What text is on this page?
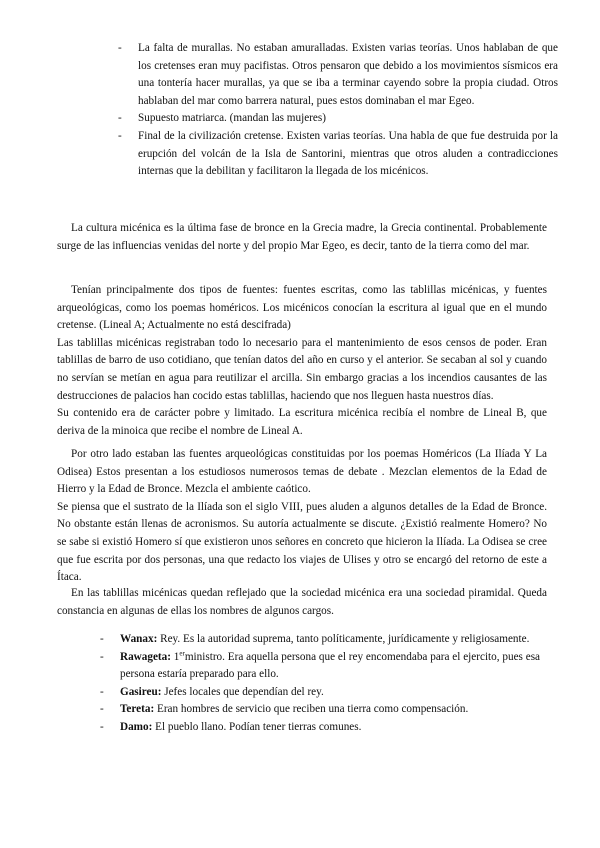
- La falta de murallas. No estaban amuralladas. Existen varias teorías. Unos hablaban de que los cretenses eran muy pacifistas. Otros pensaron que debido a los movimientos sísmicos era una tontería hacer murallas, ya que se iba a terminar cayendo sobre la propia ciudad. Otros hablaban del mar como barrera natural, pues estos dominaban el mar Egeo.
- Supuesto matriarca. (mandan las mujeres)
- Final de la civilización cretense. Existen varias teorías. Una habla de que fue destruida por la erupción del volcán de la Isla de Santorini, mientras que otros aluden a contradicciones internas que la debilitan y facilitaron la llegada de los micénicos.

La cultura micénica es la última fase de bronce en la Grecia madre, la Grecia continental. Probablemente surge de las influencias venidas del norte y del propio Mar Egeo, es decir, tanto de la tierra como del mar.

Tenían principalmente dos tipos de fuentes: fuentes escritas, como las tablillas micénicas, y fuentes arqueológicas, como los poemas homéricos. Los micénicos conocían la escritura al igual que en el mundo cretense. (Lineal A; Actualmente no está descifrada)
Las tablillas micénicas registraban todo lo necesario para el mantenimiento de esos censos de poder. Eran tablillas de barro de uso cotidiano, que tenían datos del año en curso y el anterior. Se secaban al sol y cuando no servían se metían en agua para reutilizar el arcilla. Sin embargo gracias a los incendios causantes de las destrucciones de palacios han cocido estas tablillas, haciendo que nos lleguen hasta nuestros días.
Su contenido era de carácter pobre y limitado. La escritura micénica recibía el nombre de Lineal B, que deriva de la minoica que recibe el nombre de Lineal A.
Por otro lado estaban las fuentes arqueológicas constituidas por los poemas Homéricos (La Ilíada Y La Odisea) Estos presentan a los estudiosos numerosos temas de debate . Mezclan elementos de la Edad de Hierro y la Edad de Bronce. Mezcla el ambiente caótico.
Se piensa que el sustrato de la Ilíada son el siglo VIII, pues aluden a algunos detalles de la Edad de Bronce. No obstante están llenas de acronismos. Su autoría actualmente se discute. ¿Existió realmente Homero? No se sabe si existió Homero sí que existieron unos señores en concreto que hicieron la Ilíada. La Odisea se cree que fue escrita por dos personas, una que redacto los viajes de Ulises y otro se encargó del retorno de este a Ítaca.

En las tablillas micénicas quedan reflejado que la sociedad micénica era una sociedad piramidal. Queda constancia en algunas de ellas los nombres de algunos cargos.

- Wanax: Rey. Es la autoridad suprema, tanto políticamente, jurídicamente y religiosamente.
- Rawageta: 1erministro. Era aquella persona que el rey encomendaba para el ejercito, pues esa persona estaría preparado para ello.
- Gasireu: Jefes locales que dependían del rey.
- Tereta: Eran hombres de servicio que reciben una tierra como compensación.
- Damo: El pueblo llano. Podían tener tierras comunes.
